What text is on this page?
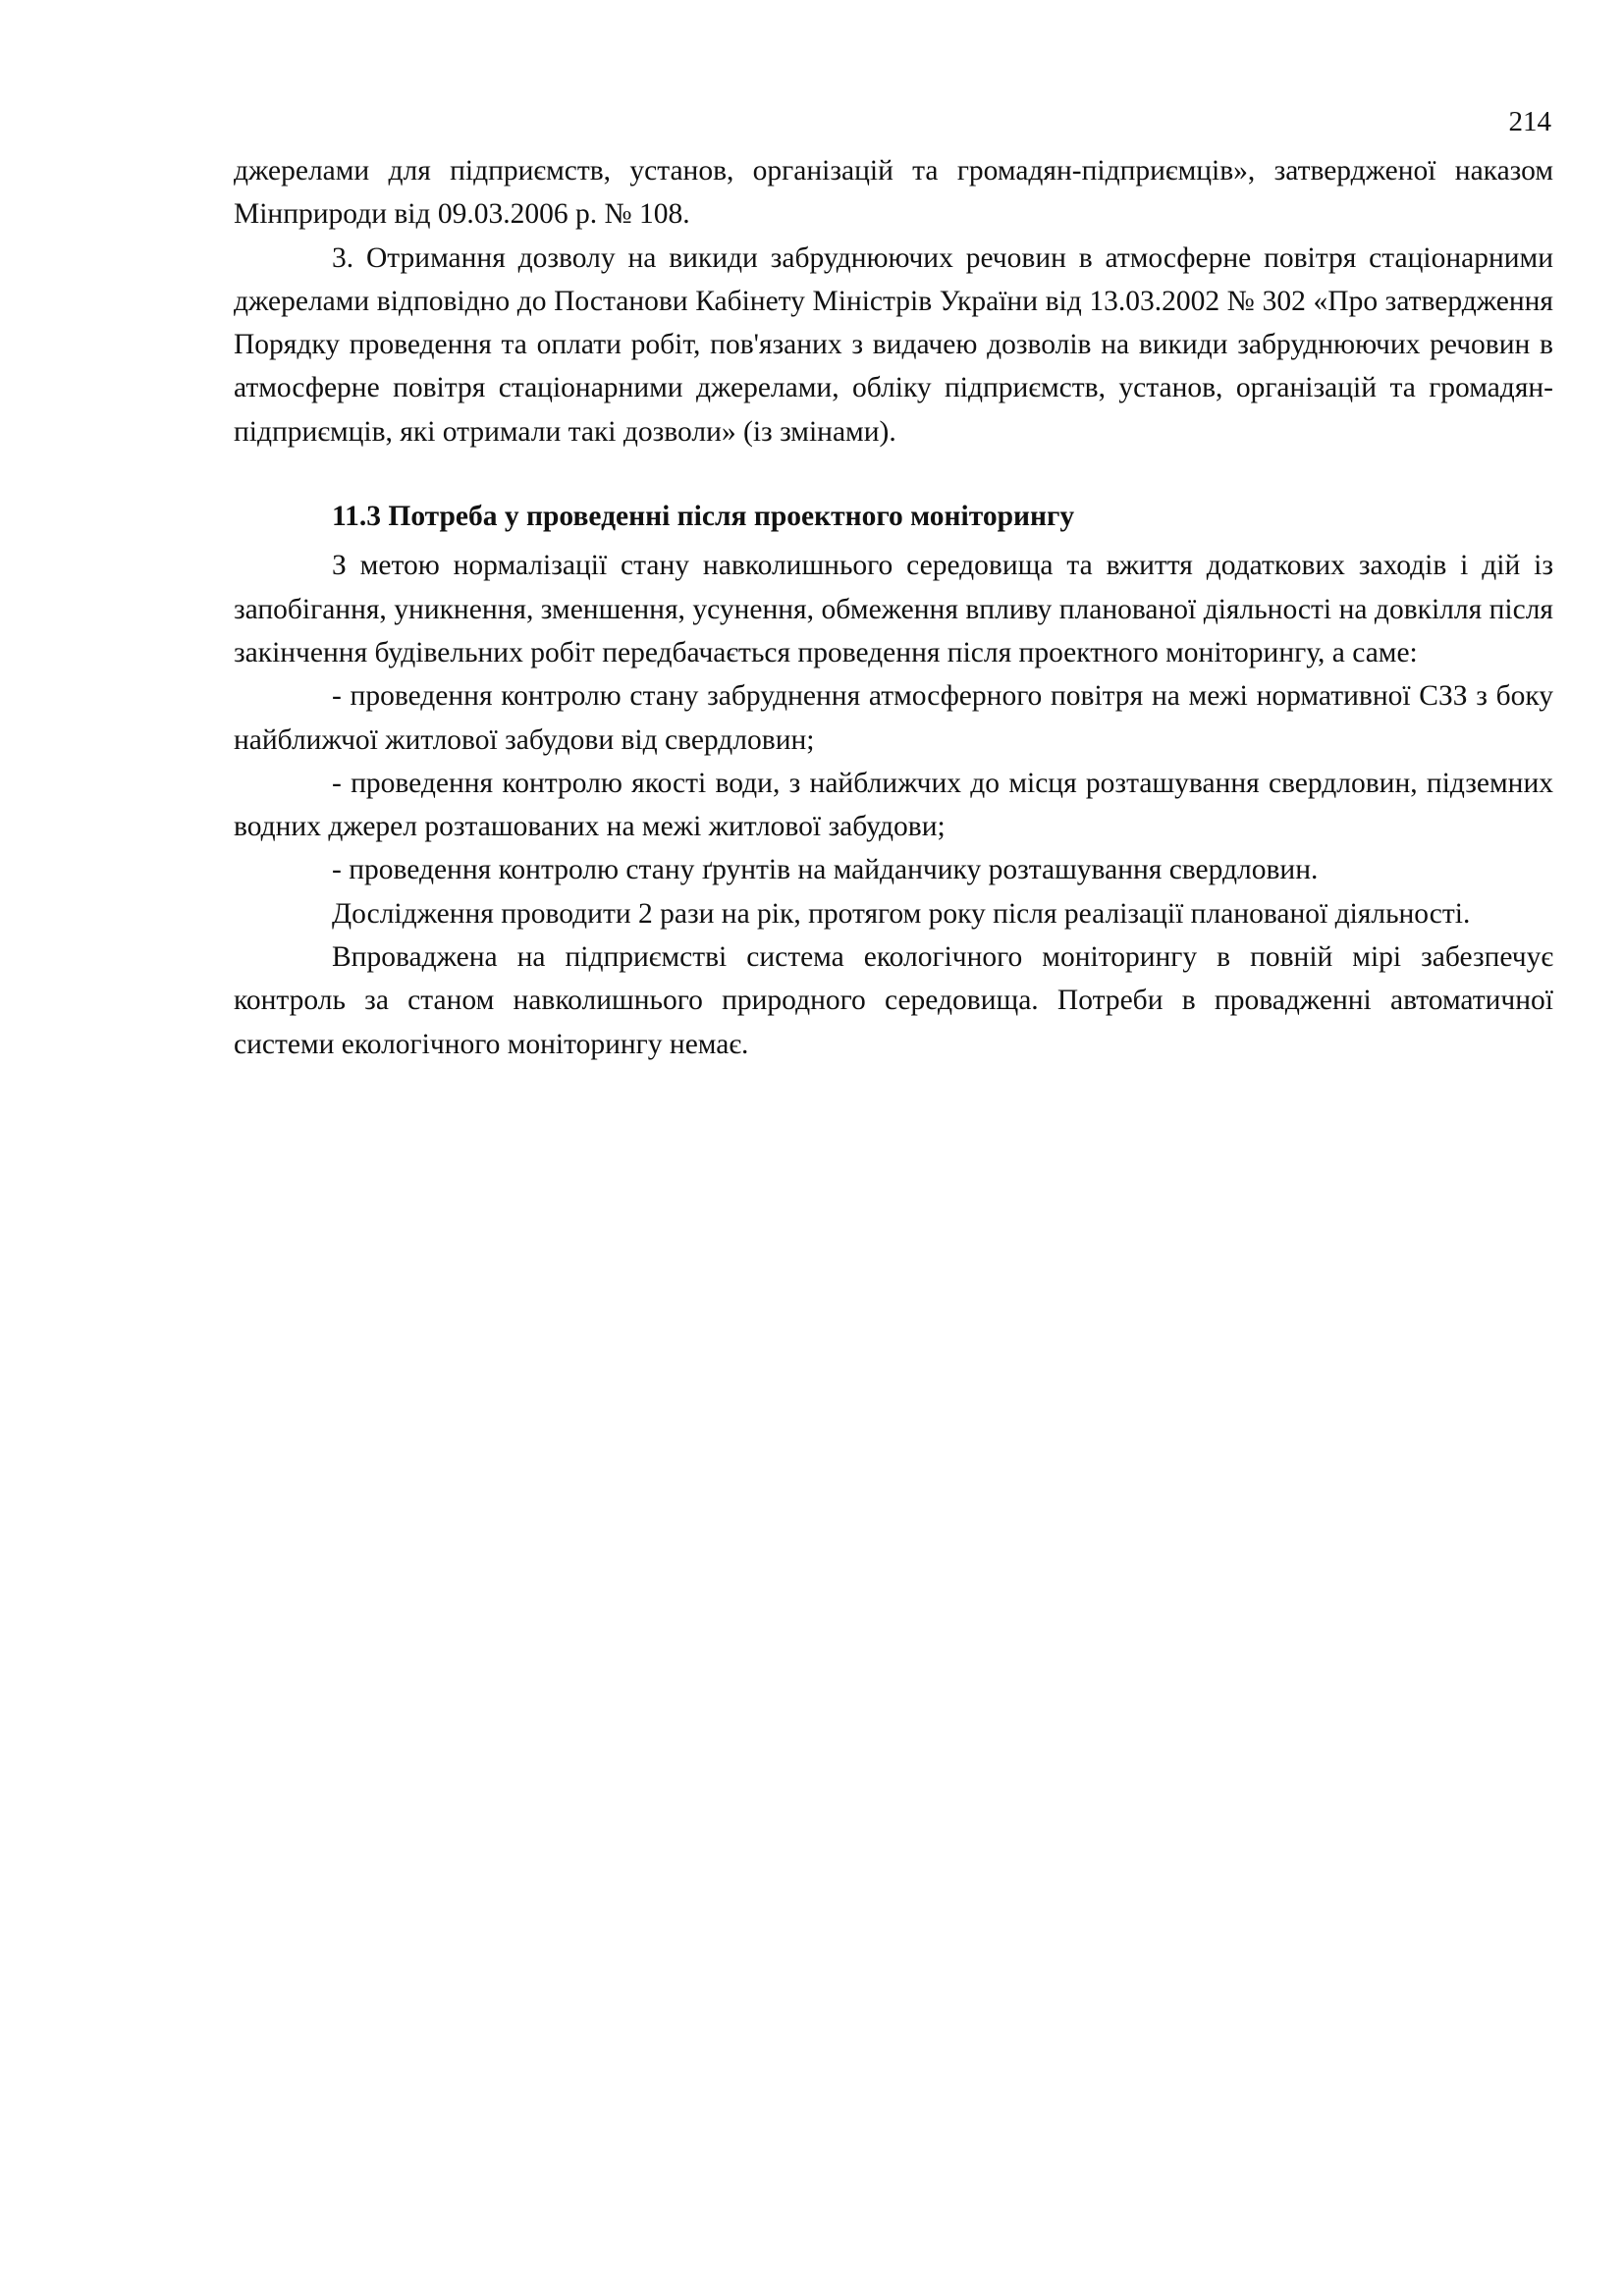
214

джерелами для підприємств, установ, організацій та громадян-підприємців», затвердженої наказом Мінприроди від 09.03.2006 р. № 108.

3. Отримання дозволу на викиди забруднюючих речовин в атмосферне повітря стаціонарними джерелами відповідно до Постанови Кабінету Міністрів України від 13.03.2002 № 302 «Про затвердження Порядку проведення та оплати робіт, пов'язаних з видачею дозволів на викиди забруднюючих речовин в атмосферне повітря стаціонарними джерелами, обліку підприємств, установ, організацій та громадян-підприємців, які отримали такі дозволи» (із змінами).

11.3 Потреба у проведенні після проектного моніторингу

З метою нормалізації стану навколишнього середовища та вжиття додаткових заходів і дій із запобігання, уникнення, зменшення, усунення, обмеження впливу планованої діяльності на довкілля після закінчення будівельних робіт передбачається проведення після проектного моніторингу, а саме:

- проведення контролю стану забруднення атмосферного повітря на межі нормативної СЗЗ з боку найближчої житлової забудови від свердловин;

- проведення контролю якості води, з найближчих до місця розташування свердловин, підземних водних джерел розташованих на межі житлової забудови;

- проведення контролю стану ґрунтів на майданчику розташування свердловин.

Дослідження проводити 2 рази на рік, протягом року після реалізації планованої діяльності.

Впроваджена на підприємстві система екологічного моніторингу в повній мірі забезпечує контроль за станом навколишнього природного середовища. Потреби в провадженні автоматичної системи екологічного моніторингу немає.
